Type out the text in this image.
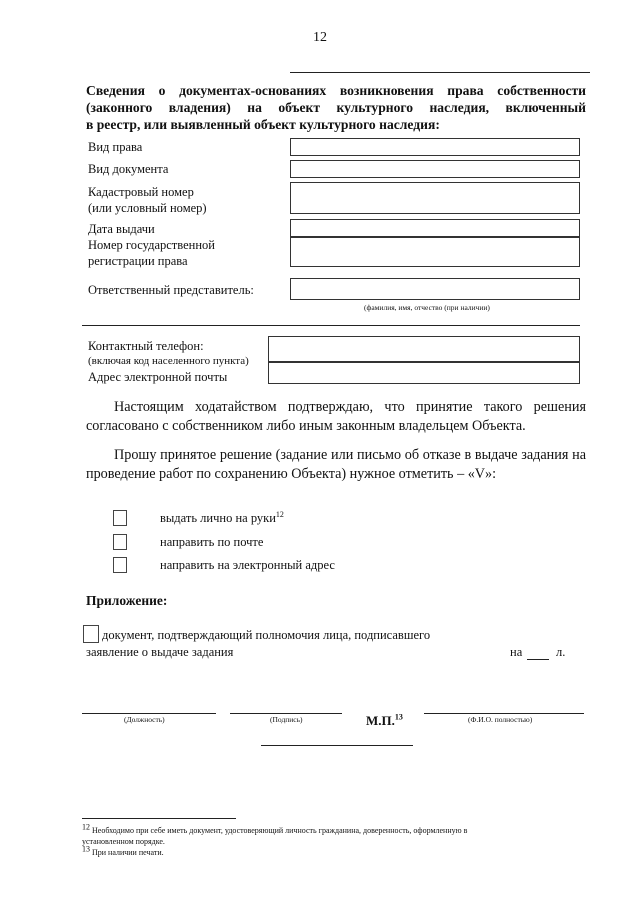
12
Сведения о документах-основаниях возникновения права собственности
(законного владения) на объект культурного наследия, включенный
в реестр, или выявленный объект культурного наследия:
Вид права
Вид документа
Кадастровый номер
(или условный номер)
Дата выдачи
Номер государственной
регистрации права
Ответственный представитель:
(фамилия, имя, отчество (при наличии)
Контактный телефон:
(включая код населенного пункта)
Адрес электронной почты
Настоящим ходатайством подтверждаю, что принятие такого решения согласовано с собственником либо иным законным владельцем Объекта.
Прошу принятое решение (задание или письмо об отказе в выдаче задания на проведение работ по сохранению Объекта) нужное отметить – «V»:
выдать лично на руки$^{12}$
направить по почте
направить на электронный адрес
Приложение:
документ, подтверждающий полномочия лица, подписавшего
заявление о выдаче задания	на	л.
(Должность)	(Подпись)	М.П.$^{13}$	(Ф.И.О. полностью)
$^{12}$ Необходимо при себе иметь документ, удостоверяющий личность гражданина, доверенность, оформленную в
установленном порядке.
$^{13}$ При наличии печати.
